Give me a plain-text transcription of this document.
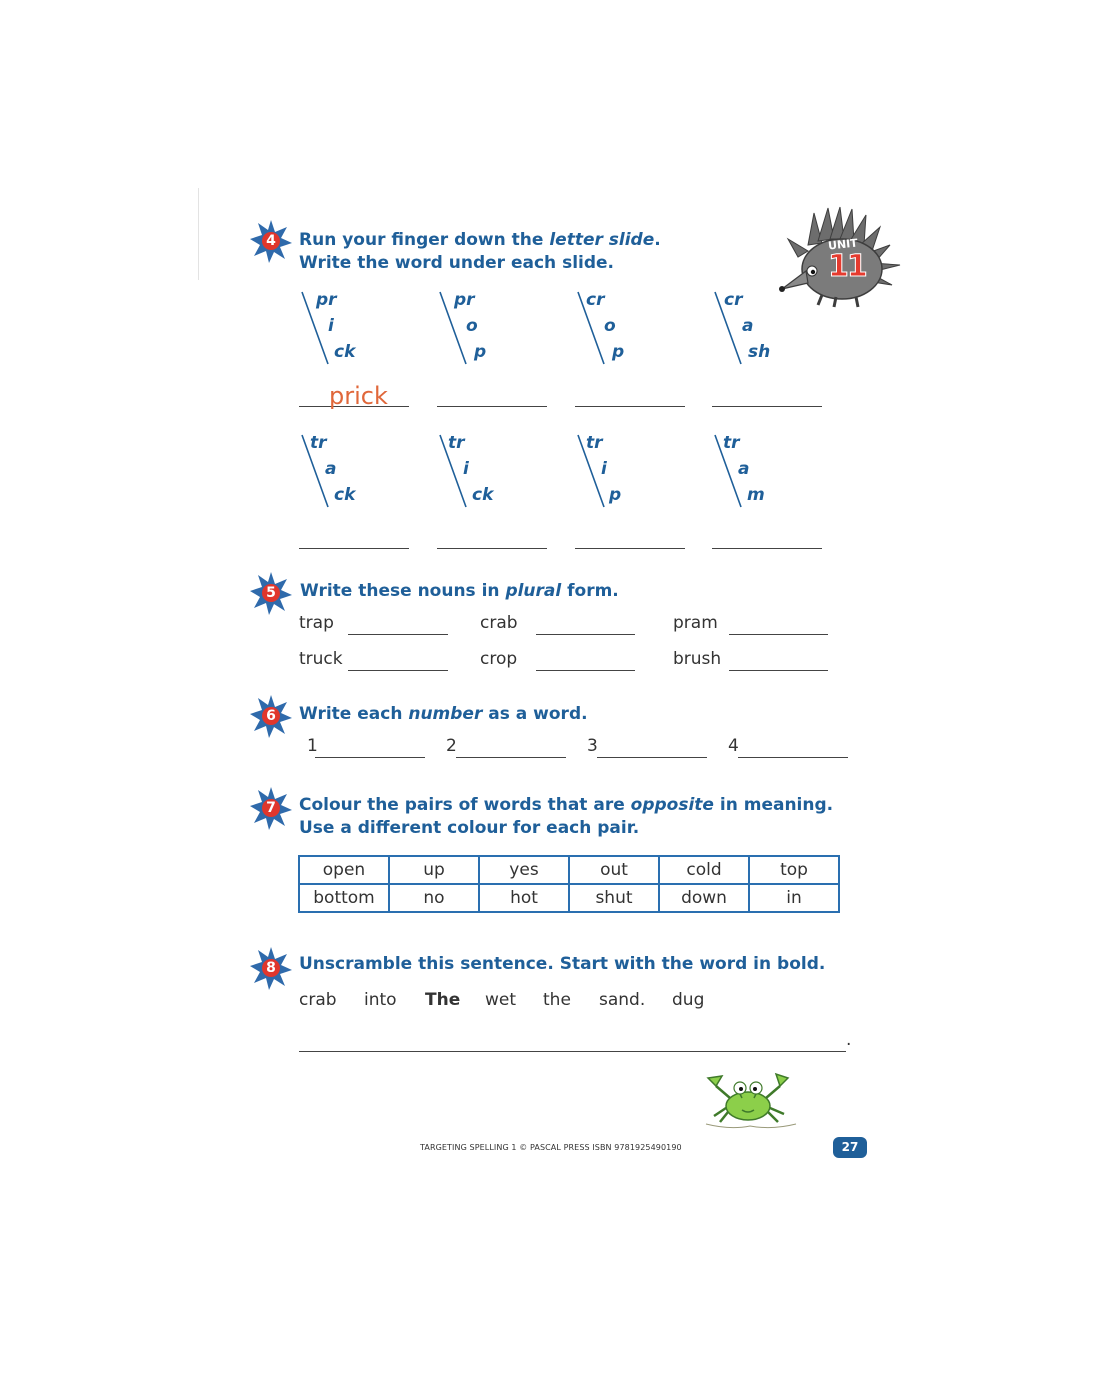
UNIT
11
4	Run your finger down the letter slide.
Write the word under each slide.
pr
i
ck
pr
o
p
cr
o
p
cr
a
sh
prick
tr
a
ck
tr
i
ck
tr
i
p
tr
a
m
5	Write these nouns in plural form.
trap	crab	pram
truck	crop	brush
6	Write each number as a word.
1	2	3	4
7	Colour the pairs of words that are opposite in meaning.
Use a different colour for each pair.
open	up	yes	out	cold	top
bottom	no	hot	shut	down	in
8	Unscramble this sentence. Start with the word in bold.
crab into The wet the sand. dug
.
TARGETING SPELLING 1 © PASCAL PRESS ISBN 9781925490190	27
